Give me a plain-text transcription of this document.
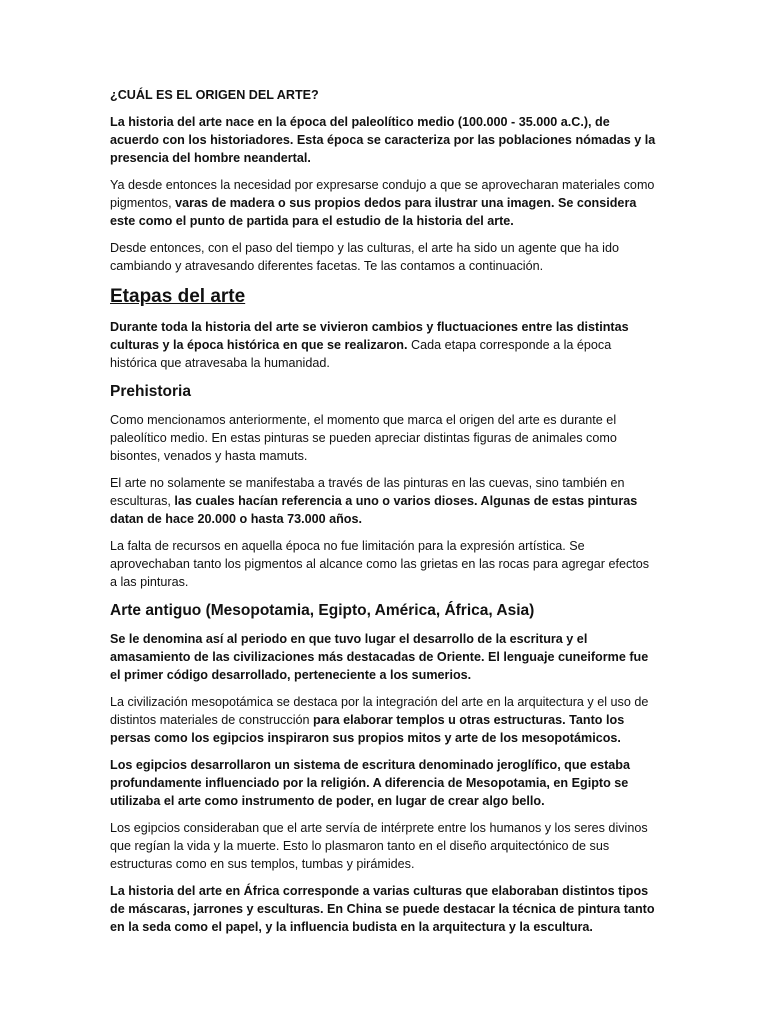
¿CUÁL ES EL ORIGEN DEL ARTE?

La historia del arte nace en la época del paleolítico medio (100.000 - 35.000 a.C.), de acuerdo con los historiadores. Esta época se caracteriza por las poblaciones nómadas y la presencia del hombre neandertal.

Ya desde entonces la necesidad por expresarse condujo a que se aprovecharan materiales como pigmentos, varas de madera o sus propios dedos para ilustrar una imagen. Se considera este como el punto de partida para el estudio de la historia del arte.

Desde entonces, con el paso del tiempo y las culturas, el arte ha sido un agente que ha ido cambiando y atravesando diferentes facetas. Te las contamos a continuación.

Etapas del arte

Durante toda la historia del arte se vivieron cambios y fluctuaciones entre las distintas culturas y la época histórica en que se realizaron. Cada etapa corresponde a la época histórica que atravesaba la humanidad.

Prehistoria

Como mencionamos anteriormente, el momento que marca el origen del arte es durante el paleolítico medio. En estas pinturas se pueden apreciar distintas figuras de animales como bisontes, venados y hasta mamuts.

El arte no solamente se manifestaba a través de las pinturas en las cuevas, sino también en esculturas, las cuales hacían referencia a uno o varios dioses. Algunas de estas pinturas datan de hace 20.000 o hasta 73.000 años.

La falta de recursos en aquella época no fue limitación para la expresión artística. Se aprovechaban tanto los pigmentos al alcance como las grietas en las rocas para agregar efectos a las pinturas.

Arte antiguo (Mesopotamia, Egipto, América, África, Asia)

Se le denomina así al periodo en que tuvo lugar el desarrollo de la escritura y el amasamiento de las civilizaciones más destacadas de Oriente. El lenguaje cuneiforme fue el primer código desarrollado, perteneciente a los sumerios.

La civilización mesopotámica se destaca por la integración del arte en la arquitectura y el uso de distintos materiales de construcción para elaborar templos u otras estructuras. Tanto los persas como los egipcios inspiraron sus propios mitos y arte de los mesopotámicos.

Los egipcios desarrollaron un sistema de escritura denominado jeroglífico, que estaba profundamente influenciado por la religión. A diferencia de Mesopotamia, en Egipto se utilizaba el arte como instrumento de poder, en lugar de crear algo bello.

Los egipcios consideraban que el arte servía de intérprete entre los humanos y los seres divinos que regían la vida y la muerte. Esto lo plasmaron tanto en el diseño arquitectónico de sus estructuras como en sus templos, tumbas y pirámides.

La historia del arte en África corresponde a varias culturas que elaboraban distintos tipos de máscaras, jarrones y esculturas. En China se puede destacar la técnica de pintura tanto en la seda como el papel, y la influencia budista en la arquitectura y la escultura.
